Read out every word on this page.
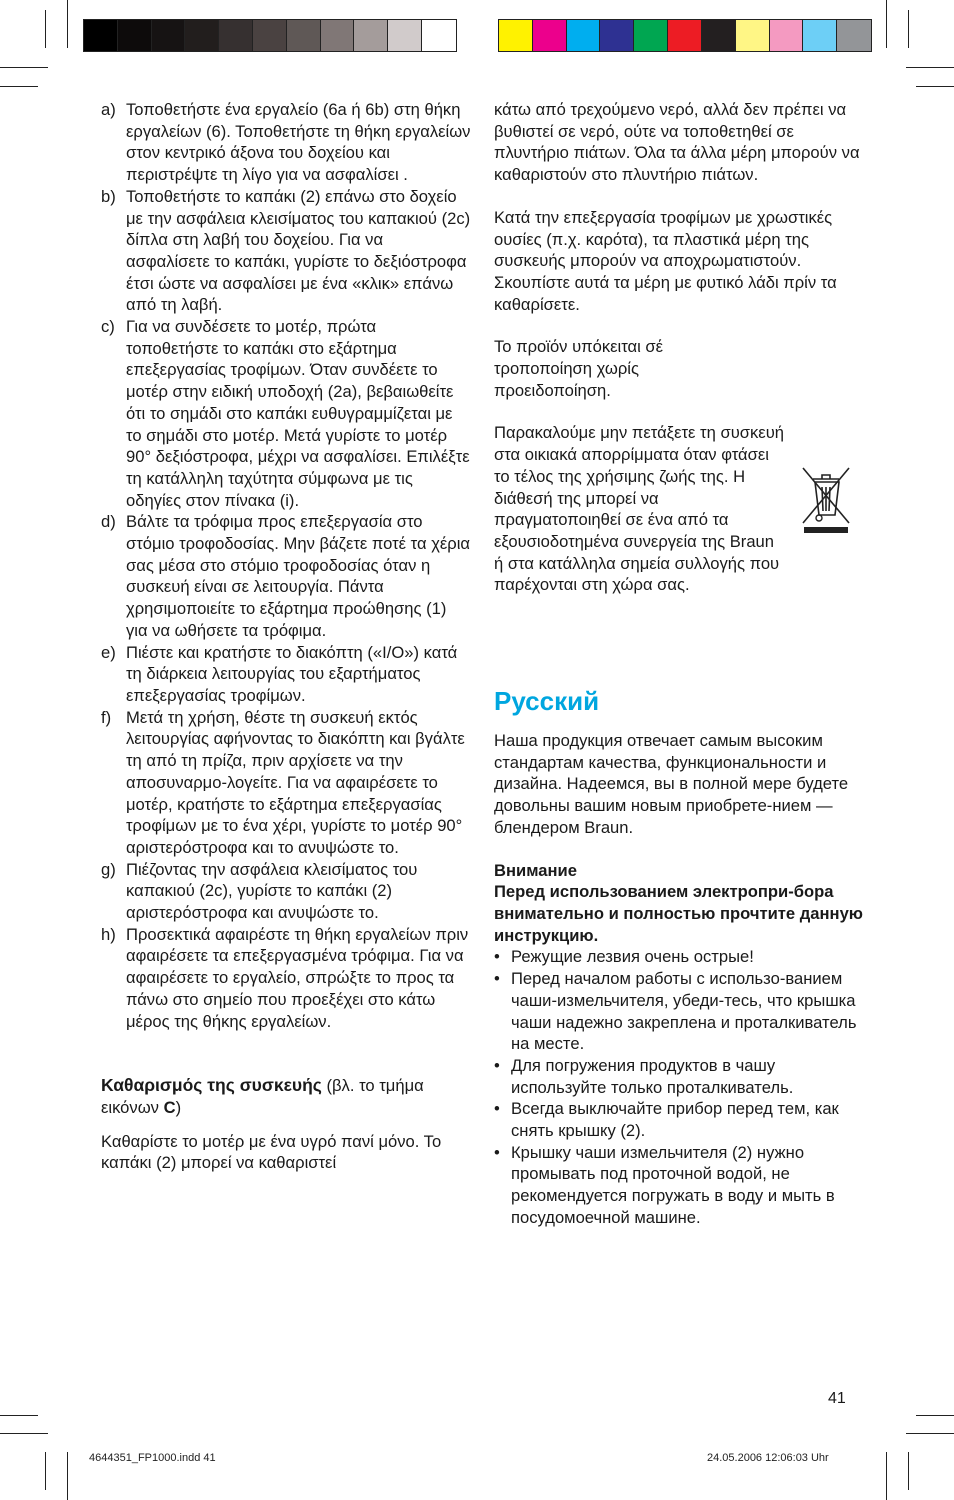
a) Τοποθετήστε ένα εργαλείο (6a ή 6b) στη θήκη εργαλείων (6). Τοποθετήστε τη θήκη εργαλείων στον κεντρικό άξονα του δοχείου και περιστρέψτε τη λίγο για να ασφαλίσει .
b) Τοποθετήστε το καπάκι (2) επάνω στο δοχείο με την ασφάλεια κλεισίματος του καπακιού (2c) δίπλα στη λαβή του δοχείου. Για να ασφαλίσετε το καπάκι, γυρίστε το δεξιόστροφα έτσι ώστε να ασφαλίσει με ένα «κλικ» επάνω από τη λαβή.
c) Για να συνδέσετε το μοτέρ, πρώτα τοποθετήστε το καπάκι στο εξάρτημα επεξεργασίας τροφίμων. Όταν συνδέετε το μοτέρ στην ειδική υποδοχή (2a), βεβαιωθείτε ότι το σημάδι στο καπάκι ευθυγραμμίζεται με το σημάδι στο μοτέρ. Μετά γυρίστε το μοτέρ 90° δεξιόστροφα, μέχρι να ασφαλίσει. Επιλέξτε τη κατάλληλη ταχύτητα σύμφωνα με τις οδηγίες στον πίνακα (i).
d) Βάλτε τα τρόφιμα προς επεξεργασία στο στόμιο τροφοδοσίας. Μην βάζετε ποτέ τα χέρια σας μέσα στο στόμιο τροφοδοσίας όταν η συσκευή είναι σε λειτουργία. Πάντα χρησιμοποιείτε το εξάρτημα προώθησης (1) για να ωθήσετε τα τρόφιμα.
e) Πιέστε και κρατήστε το διακόπτη («I/O») κατά τη διάρκεια λειτουργίας του εξαρτήματος επεξεργασίας τροφίμων.
f) Μετά τη χρήση, θέστε τη συσκευή εκτός λειτουργίας αφήνοντας το διακόπτη και βγάλτε τη από τη πρίζα, πριν αρχίσετε να την αποσυναρμο-λογείτε. Για να αφαιρέσετε το μοτέρ, κρατήστε το εξάρτημα επεξεργασίας τροφίμων με το ένα χέρι, γυρίστε το μοτέρ 90° αριστερόστροφα και το ανυψώστε το.
g) Πιέζοντας την ασφάλεια κλεισίματος του καπακιού (2c), γυρίστε το καπάκι (2) αριστερόστροφα και ανυψώστε το.
h) Προσεκτικά αφαιρέστε τη θήκη εργαλείων πριν αφαιρέσετε τα επεξεργασμένα τρόφιμα. Για να αφαιρέσετε το εργαλείο, σπρώξτε το προς τα πάνω στο σημείο που προεξέχει στο κάτω μέρος της θήκης εργαλείων.
Καθαρισμός της συσκευής (βλ. το τμήμα εικόνων C)

Καθαρίστε το μοτέρ με ένα υγρό πανί μόνο. Το καπάκι (2) μπορεί να καθαριστεί

κάτω από τρεχούμενο νερό, αλλά δεν πρέπει να βυθιστεί σε νερό, ούτε να τοποθετηθεί σε πλυντήριο πιάτων. Όλα τα άλλα μέρη μπορούν να καθαριστούν στο πλυντήριο πιάτων.

Κατά την επεξεργασία τροφίμων με χρωστικές ουσίες (π.χ. καρότα), τα πλαστικά μέρη της συσκευής μπορούν να αποχρωματιστούν. Σκουπίστε αυτά τα μέρη με φυτικό λάδι πρίν τα καθαρίσετε.

Το προϊόν υπόκειται σέ τροποποίηση χωρίς προειδοποίηση.

Παρακαλούμε μην πετάξετε τη συσκευή στα οικιακά απορρίμματα όταν φτάσει το τέλος της χρήσιμης ζωής της. Η διάθεσή της μπορεί να πραγματοποιηθεί σε ένα από τα εξουσιοδοτημένα συνεργεία της Braun ή στα κατάλληλα σημεία συλλογής που παρέχονται στη χώρα σας.

Русский

Наша продукция отвечает самым высоким стандартам качества, функциональности и дизайна. Надеемся, вы в полной мере будете довольны вашим новым приобрете-нием — блендером Braun.

Внимание
Перед использованием электропри-бора внимательно и полностью прочтите данную инструкцию.
• Режущие лезвия очень острые!
• Перед началом работы с использо-ванием чаши-измельчителя, убеди-тесь, что крышка чаши надежно закреплена и проталкиватель на месте.
• Для погружения продуктов в чашу используйте только проталкиватель.
• Всегда выключайте прибор перед тем, как снять крышку (2).
• Крышку чаши измельчителя (2) нужно промывать под проточной водой, не рекомендуется погружать в воду и мыть в посудомоечной машине.
41
4644351_FP1000.indd 41	24.05.2006 12:06:03 Uhr
